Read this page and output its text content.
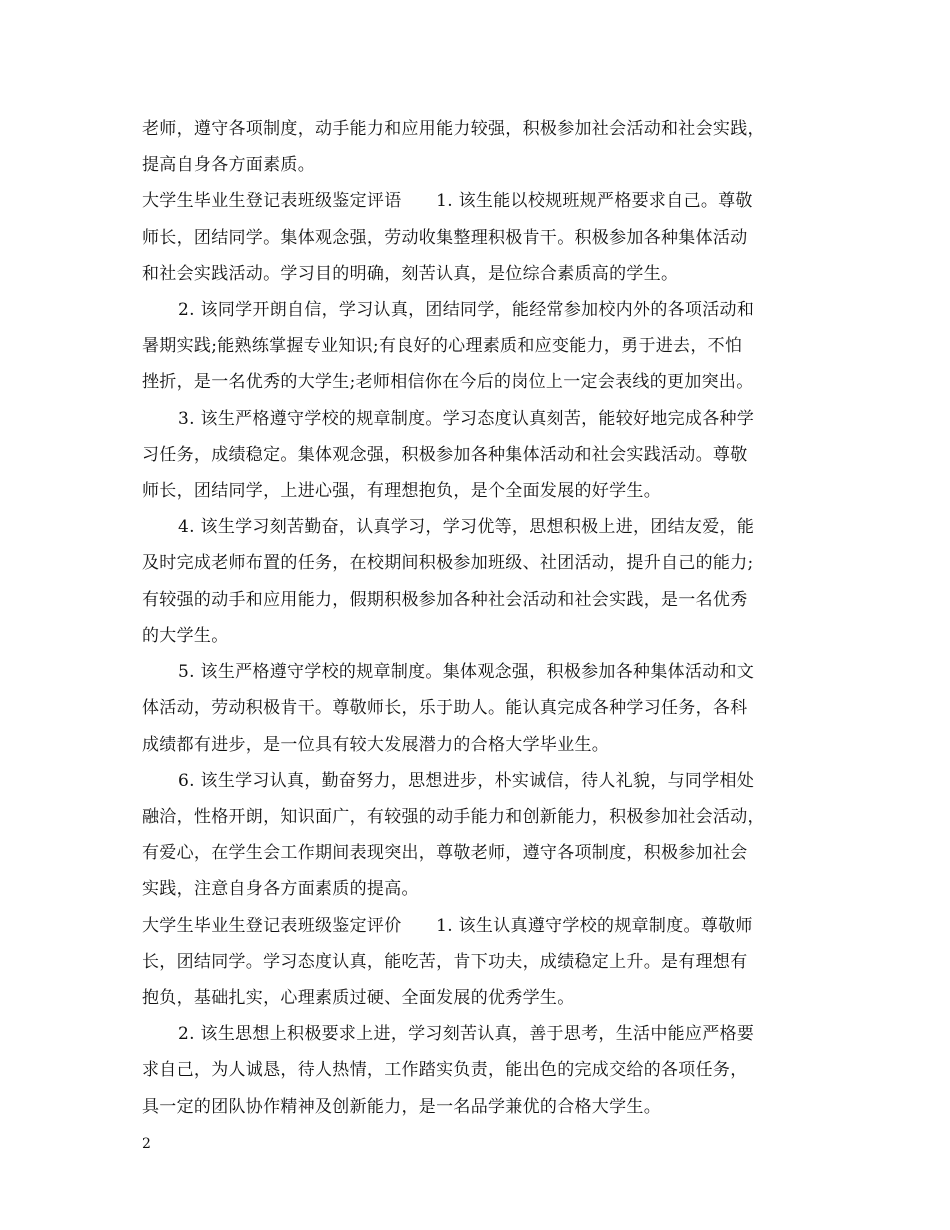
老师，遵守各项制度，动手能力和应用能力较强，积极参加社会活动和社会实践，
提高自身各方面素质。
大学生毕业生登记表班级鉴定评语　　1. 该生能以校规班规严格要求自己。尊敬
师长，团结同学。集体观念强，劳动收集整理积极肯干。积极参加各种集体活动
和社会实践活动。学习目的明确，刻苦认真，是位综合素质高的学生。
2. 该同学开朗自信，学习认真，团结同学，能经常参加校内外的各项活动和
暑期实践;能熟练掌握专业知识;有良好的心理素质和应变能力，勇于进去，不怕
挫折，是一名优秀的大学生;老师相信你在今后的岗位上一定会表线的更加突出。
3. 该生严格遵守学校的规章制度。学习态度认真刻苦，能较好地完成各种学
习任务，成绩稳定。集体观念强，积极参加各种集体活动和社会实践活动。尊敬
师长，团结同学，上进心强，有理想抱负，是个全面发展的好学生。
4. 该生学习刻苦勤奋，认真学习，学习优等，思想积极上进，团结友爱，能
及时完成老师布置的任务，在校期间积极参加班级、社团活动，提升自己的能力;
有较强的动手和应用能力，假期积极参加各种社会活动和社会实践，是一名优秀
的大学生。
5. 该生严格遵守学校的规章制度。集体观念强，积极参加各种集体活动和文
体活动，劳动积极肯干。尊敬师长，乐于助人。能认真完成各种学习任务，各科
成绩都有进步，是一位具有较大发展潜力的合格大学毕业生。
6. 该生学习认真，勤奋努力，思想进步，朴实诚信，待人礼貌，与同学相处
融洽，性格开朗，知识面广，有较强的动手能力和创新能力，积极参加社会活动，
有爱心，在学生会工作期间表现突出，尊敬老师，遵守各项制度，积极参加社会
实践，注意自身各方面素质的提高。
大学生毕业生登记表班级鉴定评价　　1. 该生认真遵守学校的规章制度。尊敬师
长，团结同学。学习态度认真，能吃苦，肯下功夫，成绩稳定上升。是有理想有
抱负，基础扎实，心理素质过硬、全面发展的优秀学生。
2. 该生思想上积极要求上进，学习刻苦认真，善于思考，生活中能应严格要
求自己，为人诚恳，待人热情，工作踏实负责，能出色的完成交给的各项任务，
具一定的团队协作精神及创新能力，是一名品学兼优的合格大学生。
2
